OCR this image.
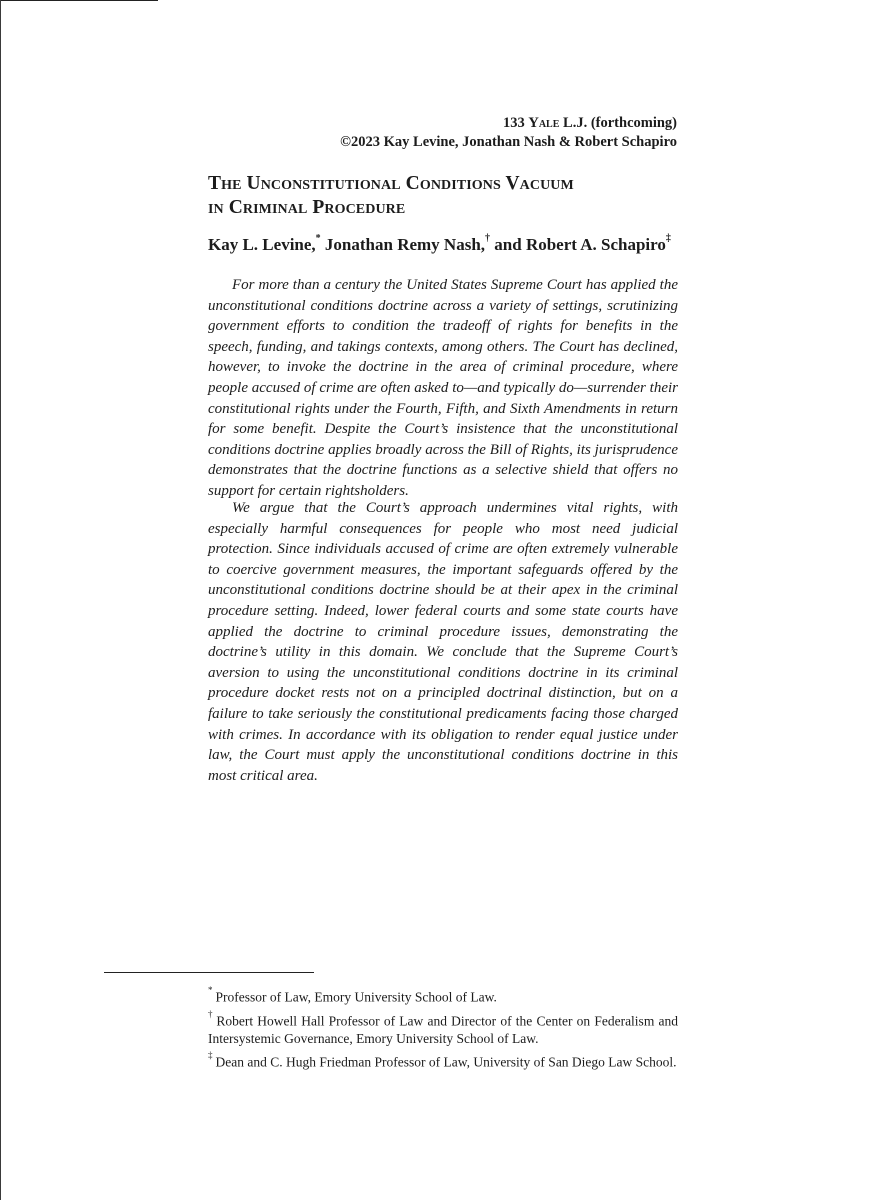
133 Yale L.J. (forthcoming)
©2023 Kay Levine, Jonathan Nash & Robert Schapiro
The Unconstitutional Conditions Vacuum
in Criminal Procedure
Kay L. Levine,* Jonathan Remy Nash,† and Robert A. Schapiro‡

For more than a century the United States Supreme Court has applied the unconstitutional conditions doctrine across a variety of settings, scrutinizing government efforts to condition the tradeoff of rights for benefits in the speech, funding, and takings contexts, among others. The Court has declined, however, to invoke the doctrine in the area of criminal procedure, where people accused of crime are often asked to—and typically do—surrender their constitutional rights under the Fourth, Fifth, and Sixth Amendments in return for some benefit. Despite the Court’s insistence that the unconstitutional conditions doctrine applies broadly across the Bill of Rights, its jurisprudence demonstrates that the doctrine functions as a selective shield that offers no support for certain rightsholders.

We argue that the Court’s approach undermines vital rights, with especially harmful consequences for people who most need judicial protection. Since individuals accused of crime are often extremely vulnerable to coercive government measures, the important safeguards offered by the unconstitutional conditions doctrine should be at their apex in the criminal procedure setting. Indeed, lower federal courts and some state courts have applied the doctrine to criminal procedure issues, demonstrating the doctrine’s utility in this domain. We conclude that the Supreme Court’s aversion to using the unconstitutional conditions doctrine in its criminal procedure docket rests not on a principled doctrinal distinction, but on a failure to take seriously the constitutional predicaments facing those charged with crimes. In accordance with its obligation to render equal justice under law, the Court must apply the unconstitutional conditions doctrine in this most critical area.

* Professor of Law, Emory University School of Law.

† Robert Howell Hall Professor of Law and Director of the Center on Federalism and Intersystemic Governance, Emory University School of Law.

‡ Dean and C. Hugh Friedman Professor of Law, University of San Diego Law School.
